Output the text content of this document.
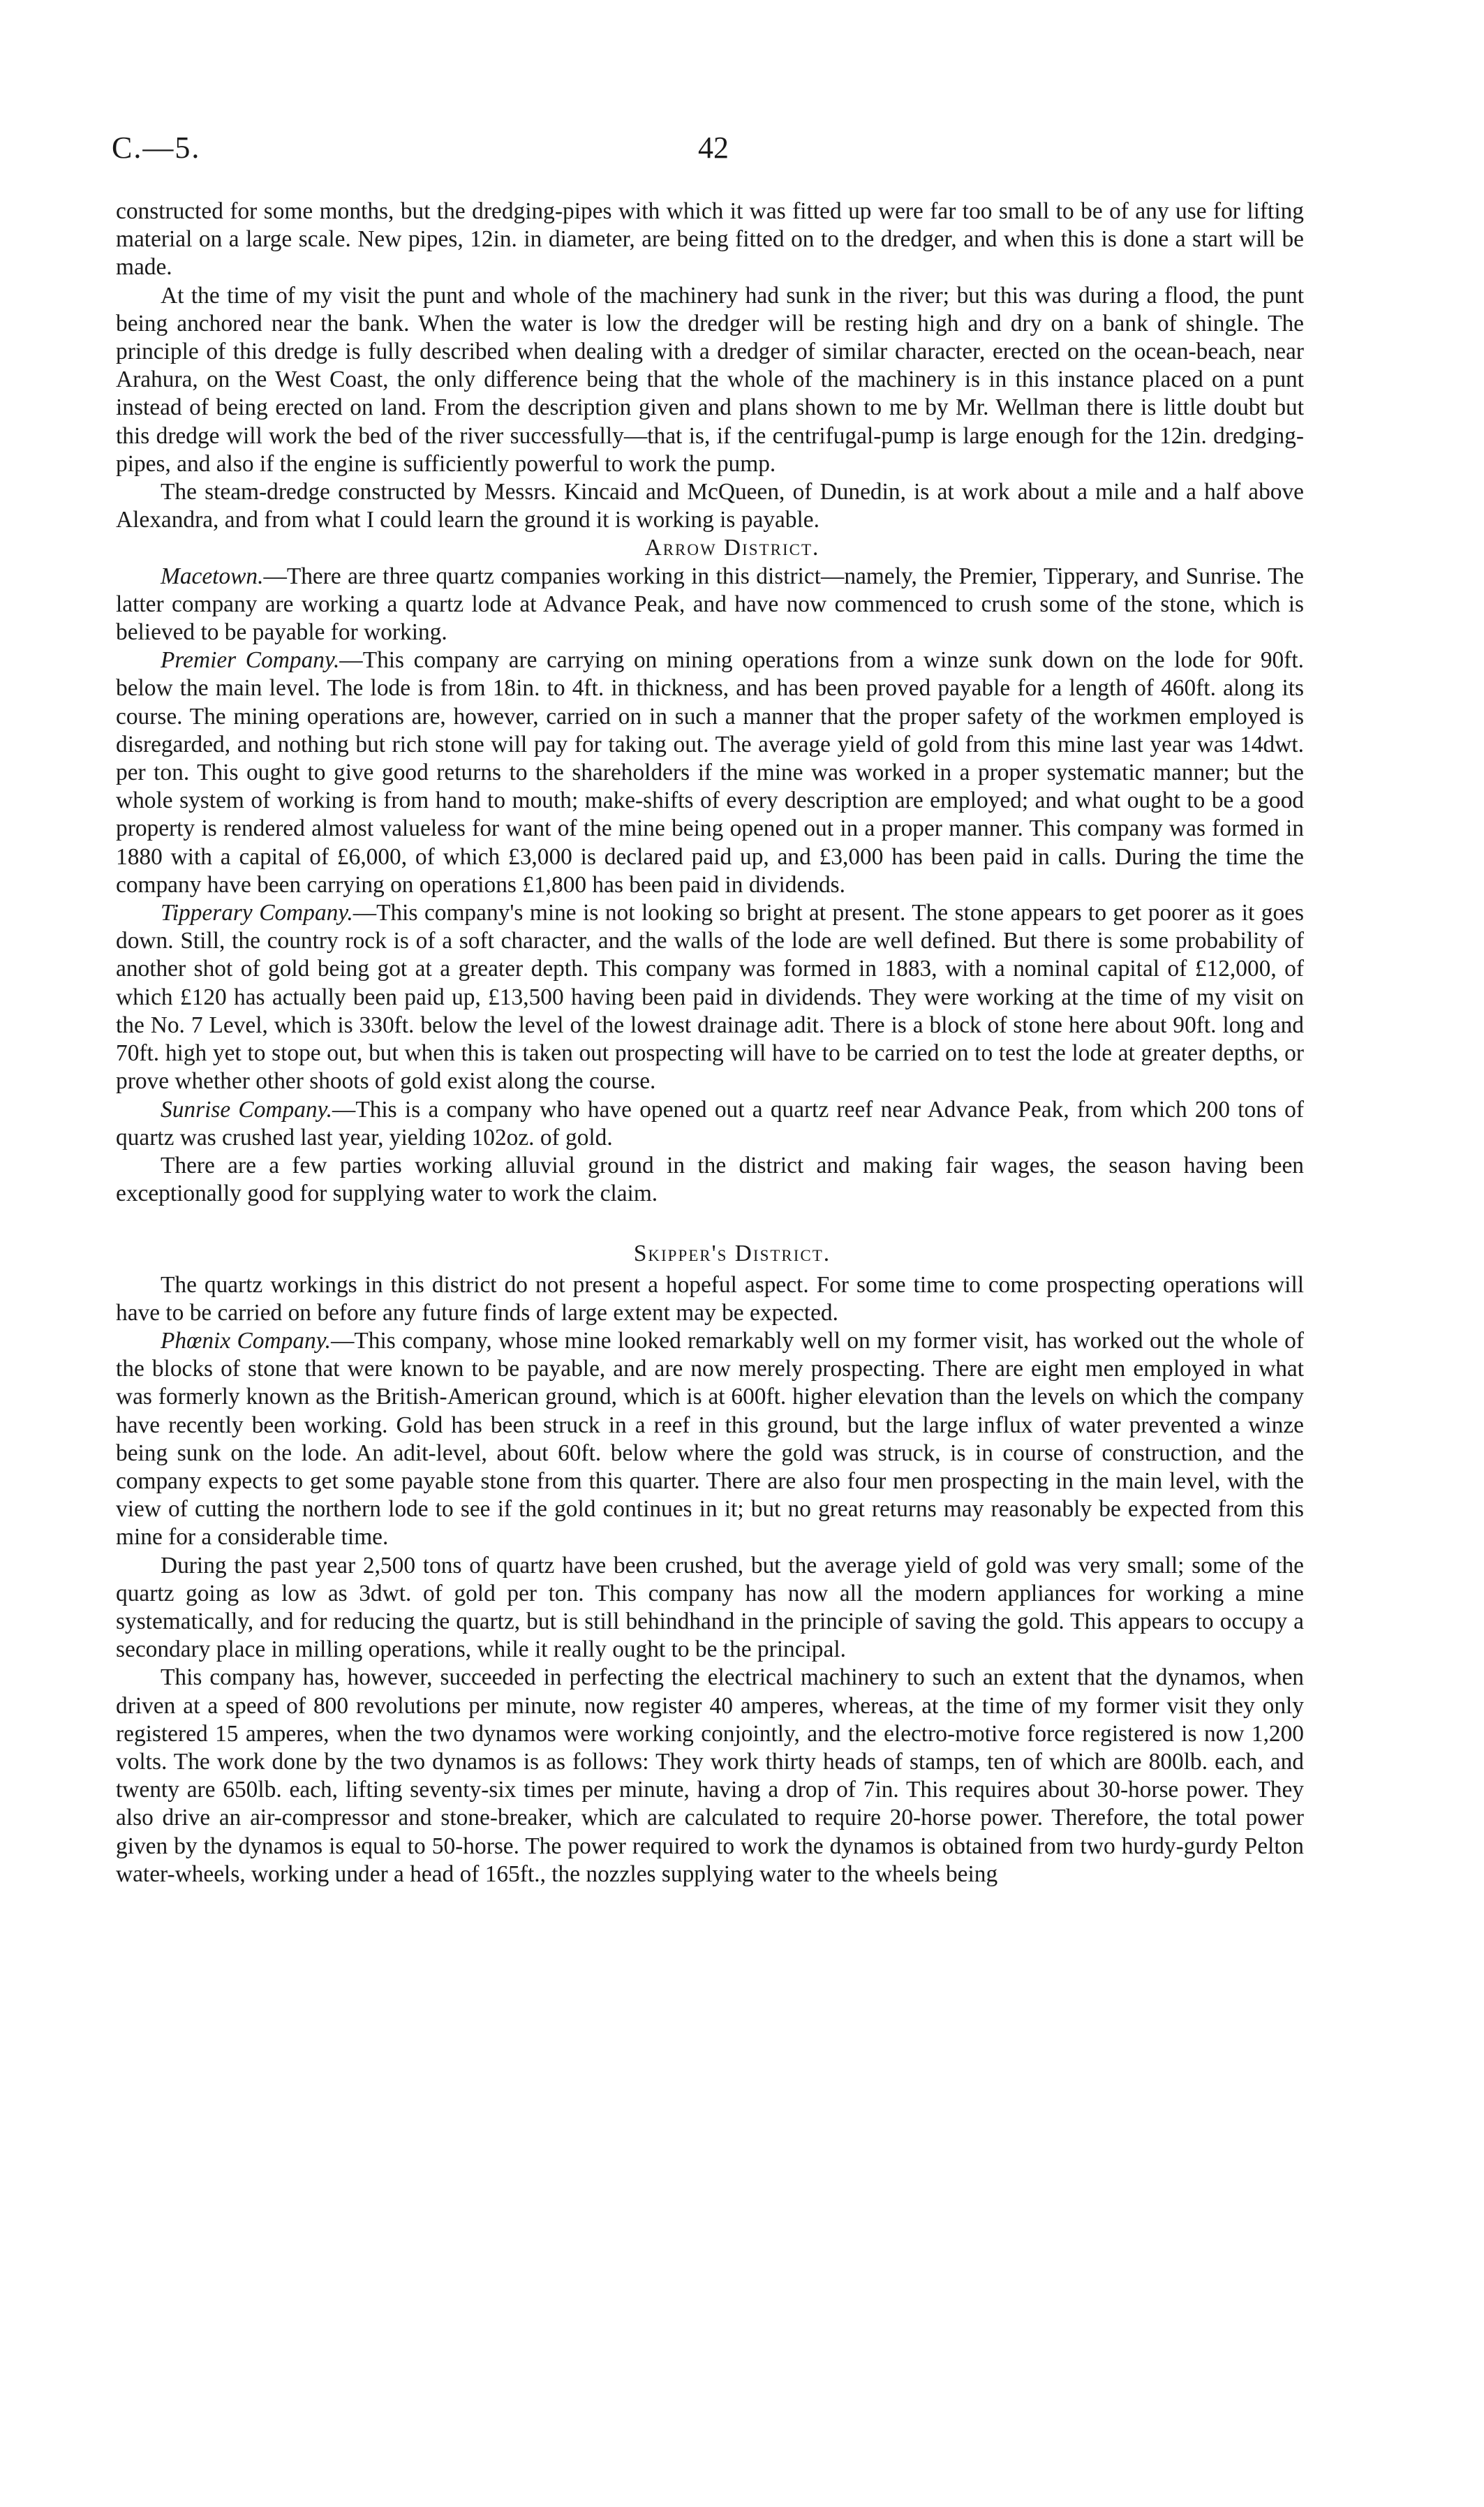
C.—5.	42

constructed for some months, but the dredging-pipes with which it was fitted up were far too small to be of any use for lifting material on a large scale. New pipes, 12in. in diameter, are being fitted on to the dredger, and when this is done a start will be made.

At the time of my visit the punt and whole of the machinery had sunk in the river; but this was during a flood, the punt being anchored near the bank. When the water is low the dredger will be resting high and dry on a bank of shingle. The principle of this dredge is fully described when dealing with a dredger of similar character, erected on the ocean-beach, near Arahura, on the West Coast, the only difference being that the whole of the machinery is in this instance placed on a punt instead of being erected on land. From the description given and plans shown to me by Mr. Wellman there is little doubt but this dredge will work the bed of the river successfully—that is, if the centrifugal-pump is large enough for the 12in. dredging-pipes, and also if the engine is sufficiently powerful to work the pump.

The steam-dredge constructed by Messrs. Kincaid and McQueen, of Dunedin, is at work about a mile and a half above Alexandra, and from what I could learn the ground it is working is payable.

Arrow District.

Macetown.—There are three quartz companies working in this district—namely, the Premier, Tipperary, and Sunrise. The latter company are working a quartz lode at Advance Peak, and have now commenced to crush some of the stone, which is believed to be payable for working.

Premier Company.—This company are carrying on mining operations from a winze sunk down on the lode for 90ft. below the main level. The lode is from 18in. to 4ft. in thickness, and has been proved payable for a length of 460ft. along its course. The mining operations are, however, carried on in such a manner that the proper safety of the workmen employed is disregarded, and nothing but rich stone will pay for taking out. The average yield of gold from this mine last year was 14dwt. per ton. This ought to give good returns to the shareholders if the mine was worked in a proper systematic manner; but the whole system of working is from hand to mouth; make-shifts of every description are employed; and what ought to be a good property is rendered almost valueless for want of the mine being opened out in a proper manner. This company was formed in 1880 with a capital of £6,000, of which £3,000 is declared paid up, and £3,000 has been paid in calls. During the time the company have been carrying on operations £1,800 has been paid in dividends.

Tipperary Company.—This company's mine is not looking so bright at present. The stone appears to get poorer as it goes down. Still, the country rock is of a soft character, and the walls of the lode are well defined. But there is some probability of another shot of gold being got at a greater depth. This company was formed in 1883, with a nominal capital of £12,000, of which £120 has actually been paid up, £13,500 having been paid in dividends. They were working at the time of my visit on the No. 7 Level, which is 330ft. below the level of the lowest drainage adit. There is a block of stone here about 90ft. long and 70ft. high yet to stope out, but when this is taken out prospecting will have to be carried on to test the lode at greater depths, or prove whether other shoots of gold exist along the course.

Sunrise Company.—This is a company who have opened out a quartz reef near Advance Peak, from which 200 tons of quartz was crushed last year, yielding 102oz. of gold.

There are a few parties working alluvial ground in the district and making fair wages, the season having been exceptionally good for supplying water to work the claim.

Skipper's District.

The quartz workings in this district do not present a hopeful aspect. For some time to come prospecting operations will have to be carried on before any future finds of large extent may be expected.

Phœnix Company.—This company, whose mine looked remarkably well on my former visit, has worked out the whole of the blocks of stone that were known to be payable, and are now merely prospecting. There are eight men employed in what was formerly known as the British-American ground, which is at 600ft. higher elevation than the levels on which the company have recently been working. Gold has been struck in a reef in this ground, but the large influx of water prevented a winze being sunk on the lode. An adit-level, about 60ft. below where the gold was struck, is in course of construction, and the company expects to get some payable stone from this quarter. There are also four men prospecting in the main level, with the view of cutting the northern lode to see if the gold continues in it; but no great returns may reasonably be expected from this mine for a considerable time.

During the past year 2,500 tons of quartz have been crushed, but the average yield of gold was very small; some of the quartz going as low as 3dwt. of gold per ton. This company has now all the modern appliances for working a mine systematically, and for reducing the quartz, but is still behindhand in the principle of saving the gold. This appears to occupy a secondary place in milling operations, while it really ought to be the principal.

This company has, however, succeeded in perfecting the electrical machinery to such an extent that the dynamos, when driven at a speed of 800 revolutions per minute, now register 40 amperes, whereas, at the time of my former visit they only registered 15 amperes, when the two dynamos were working conjointly, and the electro-motive force registered is now 1,200 volts. The work done by the two dynamos is as follows: They work thirty heads of stamps, ten of which are 800lb. each, and twenty are 650lb. each, lifting seventy-six times per minute, having a drop of 7in. This requires about 30-horse power. They also drive an air-compressor and stone-breaker, which are calculated to require 20-horse power. Therefore, the total power given by the dynamos is equal to 50-horse. The power required to work the dynamos is obtained from two hurdy-gurdy Pelton water-wheels, working under a head of 165ft., the nozzles supplying water to the wheels being
